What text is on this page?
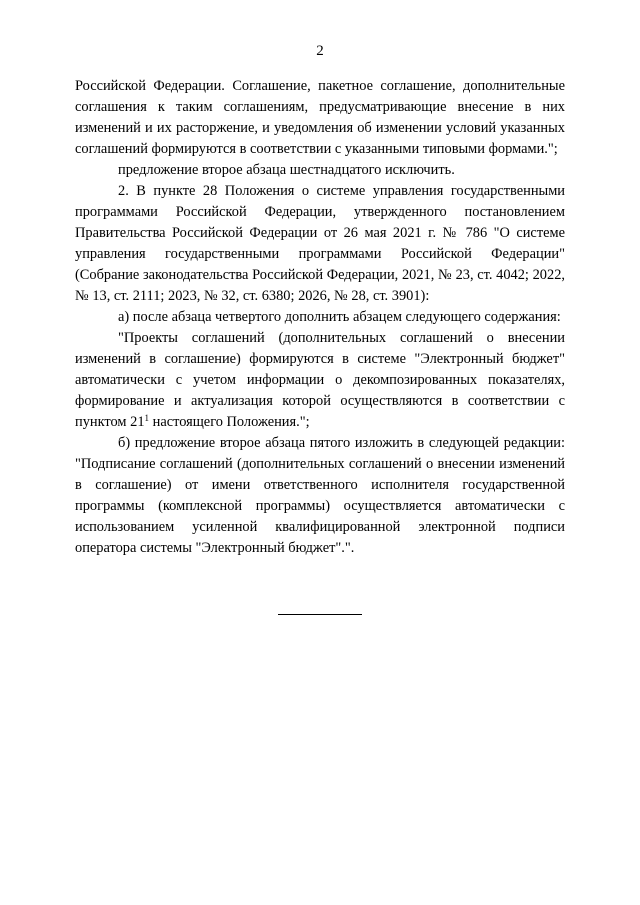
2

Российской Федерации. Соглашение, пакетное соглашение, дополнительные соглашения к таким соглашениям, предусматривающие внесение в них изменений и их расторжение, и уведомления об изменении условий указанных соглашений формируются в соответствии с указанными типовыми формами.";

предложение второе абзаца шестнадцатого исключить.

2. В пункте 28 Положения о системе управления государственными программами Российской Федерации, утвержденного постановлением Правительства Российской Федерации от 26 мая 2021 г. № 786 "О системе управления государственными программами Российской Федерации" (Собрание законодательства Российской Федерации, 2021, № 23, ст. 4042; 2022, № 13, ст. 2111; 2023, № 32, ст. 6380; 2026, № 28, ст. 3901):

а) после абзаца четвертого дополнить абзацем следующего содержания:

"Проекты соглашений (дополнительных соглашений о внесении изменений в соглашение) формируются в системе "Электронный бюджет" автоматически с учетом информации о декомпозированных показателях, формирование и актуализация которой осуществляются в соответствии с пунктом $21^1$ настоящего Положения.";

б) предложение второе абзаца пятого изложить в следующей редакции: "Подписание соглашений (дополнительных соглашений о внесении изменений в соглашение) от имени ответственного исполнителя государственной программы (комплексной программы) осуществляется автоматически с использованием усиленной квалифицированной электронной подписи оператора системы "Электронный бюджет".".
